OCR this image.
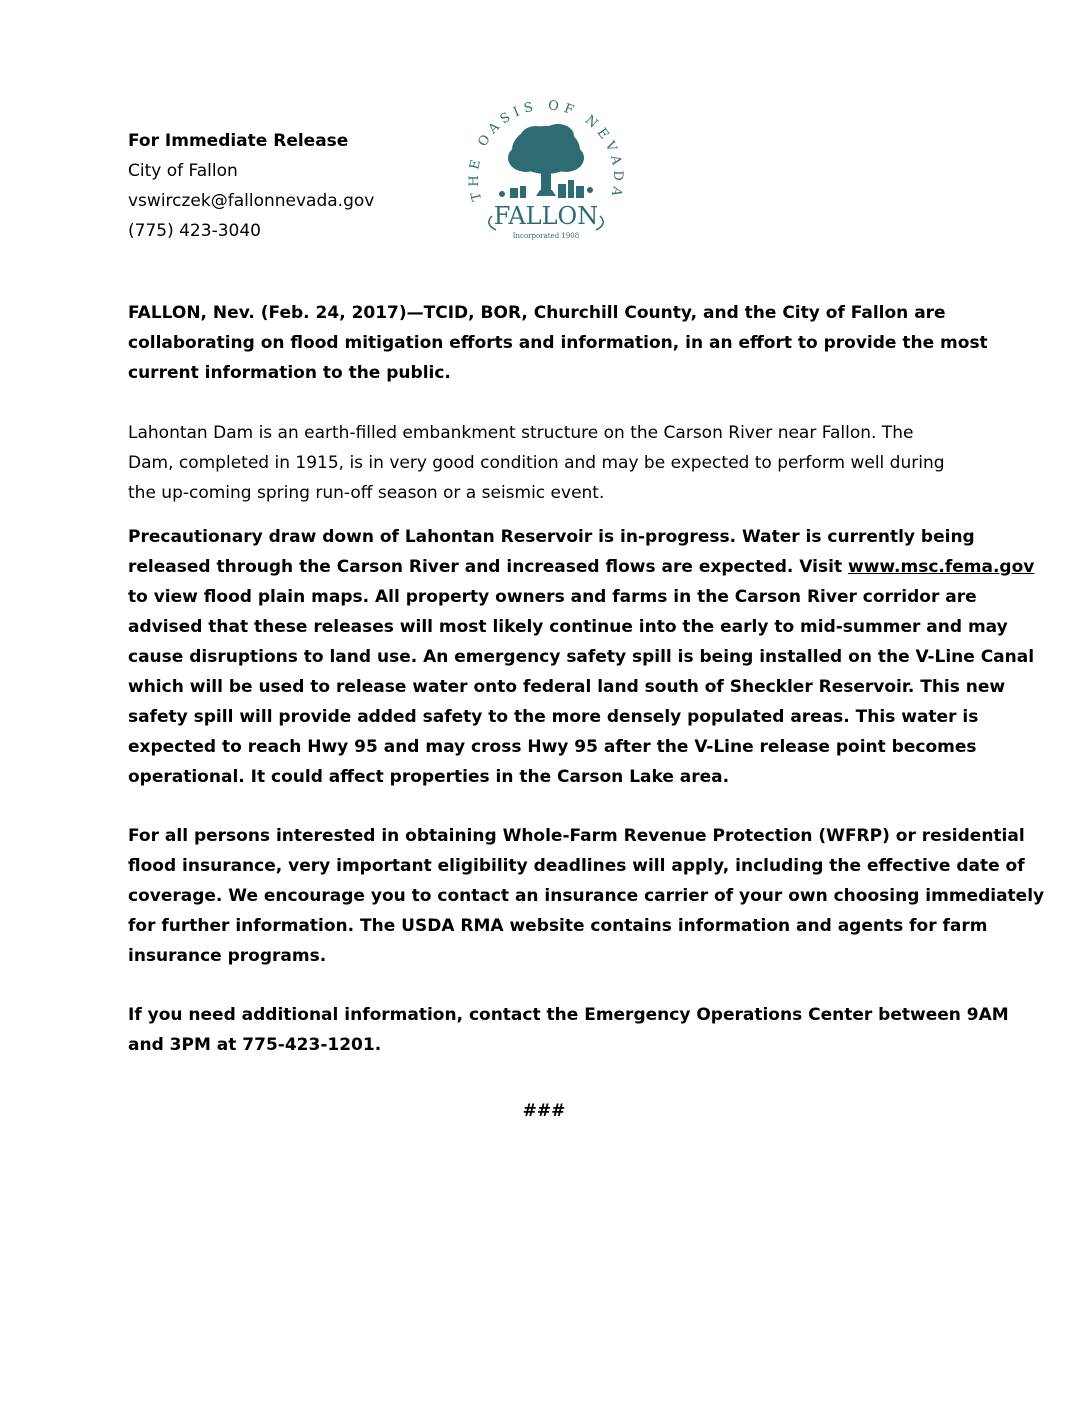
For Immediate Release
City of Fallon
vswirczek@fallonnevada.gov
(775) 423-3040
THE OASIS OF NEVADA
FALLON
Incorporated 1908
FALLON, Nev. (Feb. 24, 2017)—TCID, BOR, Churchill County, and the City of Fallon are
collaborating on flood mitigation efforts and information, in an effort to provide the most
current information to the public.
Lahontan Dam is an earth-filled embankment structure on the Carson River near Fallon. The
Dam, completed in 1915, is in very good condition and may be expected to perform well during
the up-coming spring run-off season or a seismic event.
Precautionary draw down of Lahontan Reservoir is in-progress. Water is currently being
released through the Carson River and increased flows are expected. Visit www.msc.fema.gov
to view flood plain maps. All property owners and farms in the Carson River corridor are
advised that these releases will most likely continue into the early to mid-summer and may
cause disruptions to land use. An emergency safety spill is being installed on the V-Line Canal
which will be used to release water onto federal land south of Sheckler Reservoir. This new
safety spill will provide added safety to the more densely populated areas. This water is
expected to reach Hwy 95 and may cross Hwy 95 after the V-Line release point becomes
operational. It could affect properties in the Carson Lake area.
For all persons interested in obtaining Whole-Farm Revenue Protection (WFRP) or residential
flood insurance, very important eligibility deadlines will apply, including the effective date of
coverage. We encourage you to contact an insurance carrier of your own choosing immediately
for further information. The USDA RMA website contains information and agents for farm
insurance programs.
If you need additional information, contact the Emergency Operations Center between 9AM
and 3PM at 775-423-1201.
###
